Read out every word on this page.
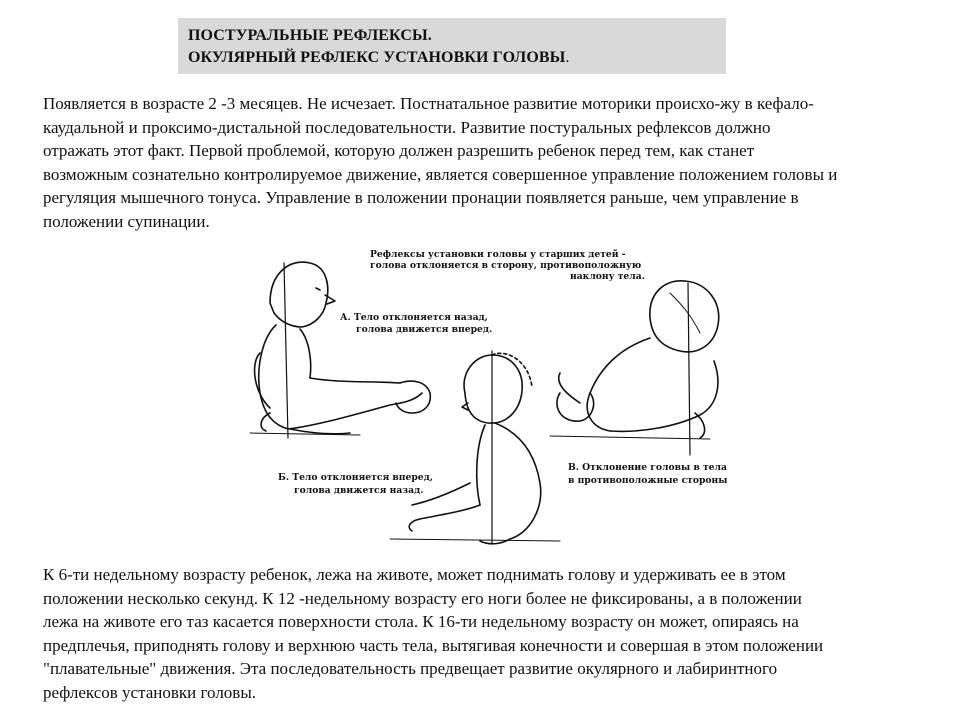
ПОСТУРАЛЬНЫЕ РЕФЛЕКСЫ.
ОКУЛЯРНЫЙ РЕФЛЕКС УСТАНОВКИ ГОЛОВЫ.
Появляется в возрасте 2 -3 месяцев. Не исчезает. Постнатальное развитие моторики происхо-жу в кефало-
каудальной и проксимо-дистальной последовательности. Развитие постуральных рефлексов должно
отражать этот факт. Первой проблемой, которую должен разрешить ребенок перед тем, как станет
возможным сознательно контролируемое движение, является совершенное управление положением головы и
регуляция мышечного тонуса. Управление в положении пронации появляется раньше, чем управление в
положении супинации.
Рефлексы установки головы у старших детей -
голова отклоняется в сторону, противоположную
наклону тела.
А. Тело отклоняется назад,
голова движется вперед.
Б. Тело отклоняется вперед,
голова движется назад.
В. Отклонение головы в тела
в противоположные стороны
К 6-ти недельному возрасту ребенок, лежа на животе, может поднимать голову и удерживать ее в этом
положении несколько секунд. К 12 -недельному возрасту его ноги более не фиксированы, а в положении
лежа на животе его таз касается поверхности стола. К 16-ти недельному возрасту он может, опираясь на
предплечья, приподнять голову и верхнюю часть тела, вытягивая конечности и совершая в этом положении
"плавательные" движения. Эта последовательность предвещает развитие окулярного и лабиринтного
рефлексов установки головы.
